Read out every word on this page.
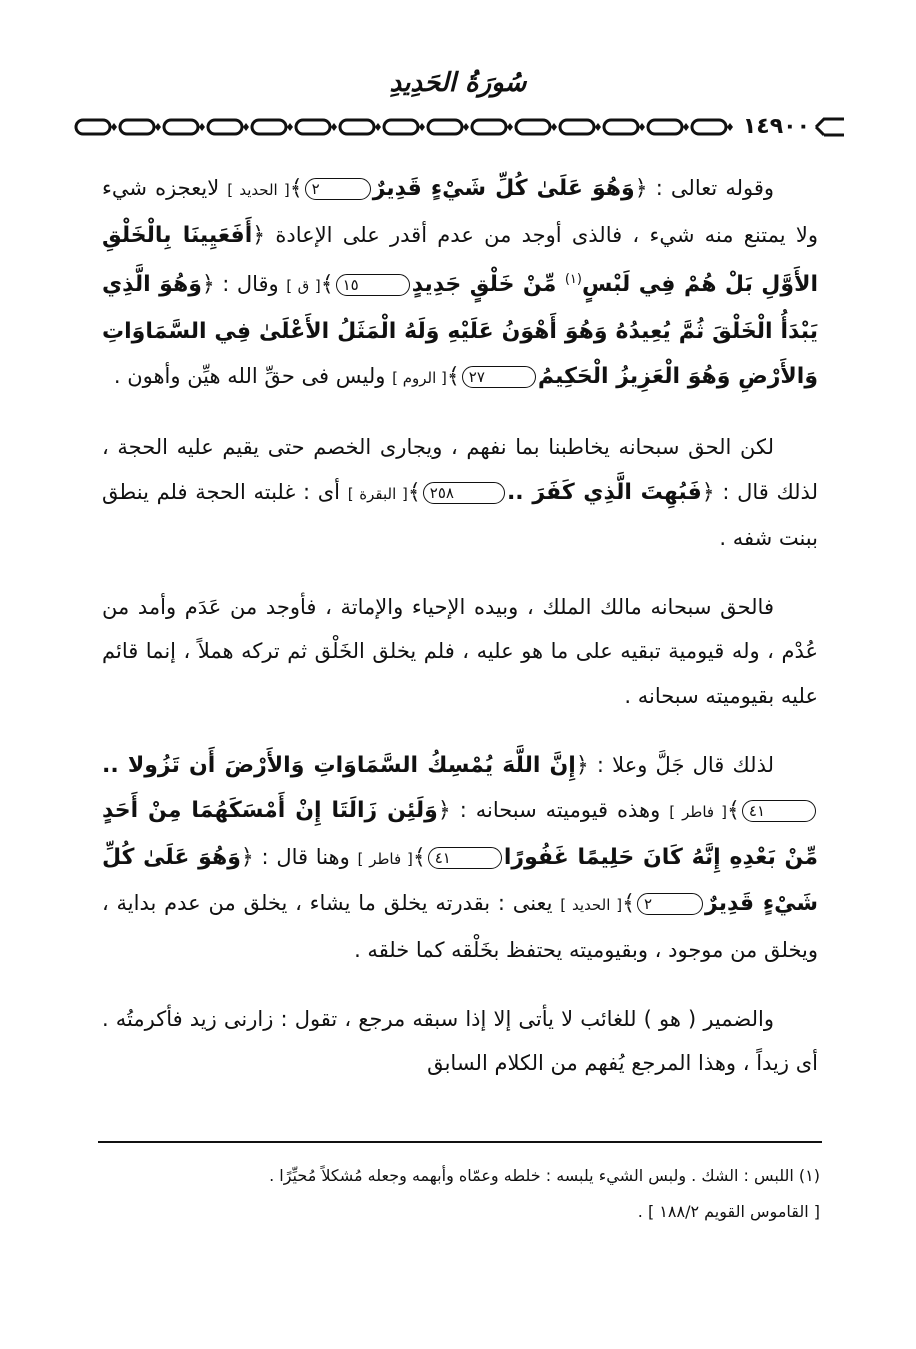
سُورَةُ الحَدِيدِ
١٤٩٠٠

وقوله تعالى : ﴿وَهُوَ عَلَىٰ كُلِّ شَيْءٍ قَدِيرٌ٢﴾[ الحديد ] لايعجزه شيء ولا يمتنع منه شيء ، فالذى أوجد من عدم أقدر على الإعادة ﴿أَفَعَيِينَا بِالْخَلْقِ الأَوَّلِ بَلْ هُمْ فِي لَبْسٍ$^{(١)}$ مِّنْ خَلْقٍ جَدِيدٍ١٥﴾[ ق ] وقال : ﴿وَهُوَ الَّذِي يَبْدَأُ الْخَلْقَ ثُمَّ يُعِيدُهُ وَهُوَ أَهْوَنُ عَلَيْهِ وَلَهُ الْمَثَلُ الأَعْلَىٰ فِي السَّمَاوَاتِ وَالأَرْضِ وَهُوَ الْعَزِيزُ الْحَكِيمُ٢٧﴾[ الروم ] وليس فى حقِّ الله هيِّن وأهون .

لكن الحق سبحانه يخاطبنا بما نفهم ، ويجارى الخصم حتى يقيم عليه الحجة ، لذلك قال : ﴿فَبُهِتَ الَّذِي كَفَرَ ..٢٥٨﴾[ البقرة ] أى : غلبته الحجة فلم ينطق ببنت شفه .

فالحق سبحانه مالك الملك ، وبيده الإحياء والإماتة ، فأوجد من عَدَم وأمد من عُدْم ، وله قيومية تبقيه على ما هو عليه ، فلم يخلق الخَلْق ثم تركه هملاً ، إنما قائم عليه بقيوميته سبحانه .

لذلك قال جَلَّ وعلا : ﴿إِنَّ اللَّهَ يُمْسِكُ السَّمَاوَاتِ وَالأَرْضَ أَن تَزُولا ..٤١﴾[ فاطر ] وهذه قيوميته سبحانه : ﴿وَلَئِن زَالَتَا إِنْ أَمْسَكَهُمَا مِنْ أَحَدٍ مِّنْ بَعْدِهِ إِنَّهُ كَانَ حَلِيمًا غَفُورًا٤١﴾[ فاطر ] وهنا قال : ﴿وَهُوَ عَلَىٰ كُلِّ شَيْءٍ قَدِيرٌ٢﴾[ الحديد ] يعنى : بقدرته يخلق ما يشاء ، يخلق من عدم بداية ، ويخلق من موجود ، وبقيوميته يحتفظ بخَلْقه كما خلقه .

والضمير ( هو ) للغائب لا يأتى إلا إذا سبقه مرجع ، تقول : زارنى زيد فأكرمتُه . أى زيداً ، وهذا المرجع يُفهم من الكلام السابق

(١) اللبس : الشك . ولبس الشيء يلبسه : خلطه وعمّاه وأبهمه وجعله مُشكلاً مُحيِّرًا .
[ القاموس القويم ١٨٨/٢ ] .
